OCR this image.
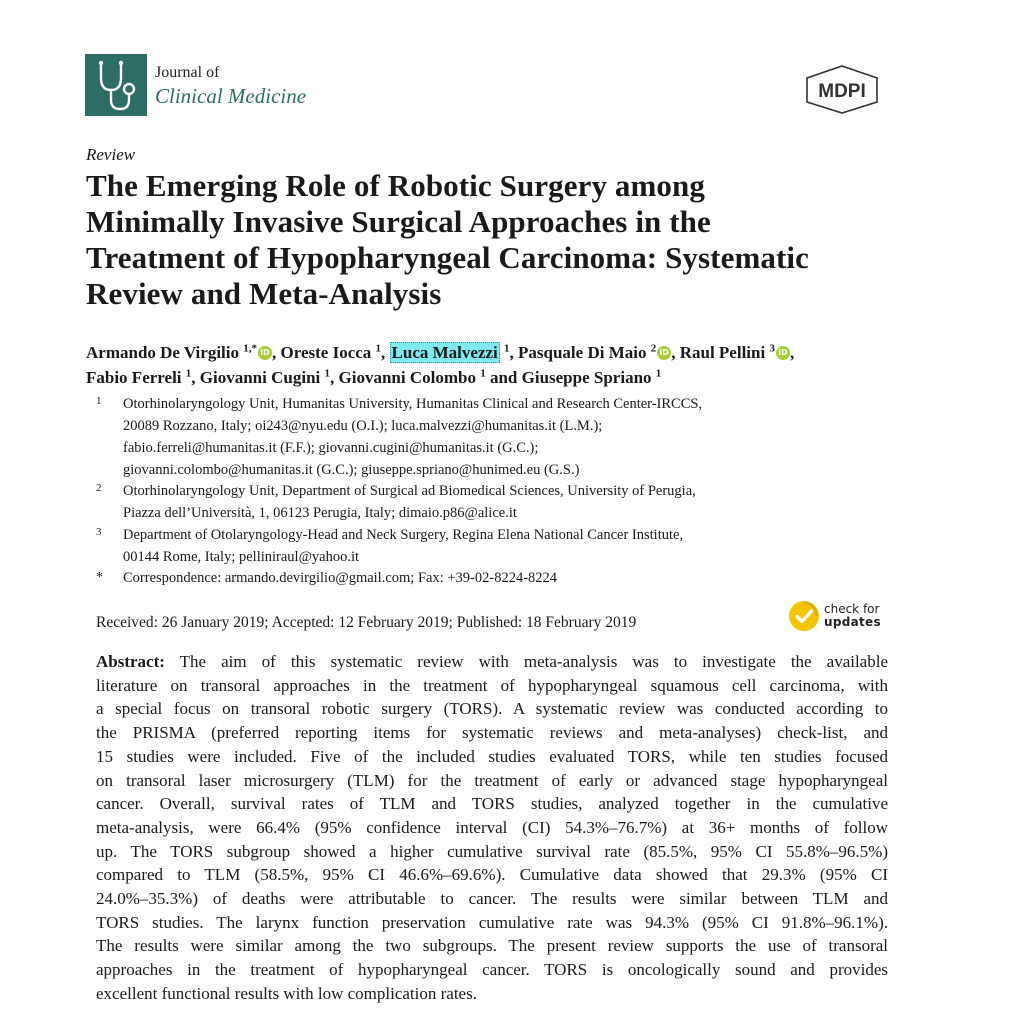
Journal of
Clinical Medicine	MDPI
Review
The Emerging Role of Robotic Surgery among
Minimally Invasive Surgical Approaches in the
Treatment of Hypopharyngeal Carcinoma: Systematic
Review and Meta-Analysis
Armando De Virgilio $^{1,*}$ iD , Oreste Iocca $^1$, Luca Malvezzi $^1$, Pasquale Di Maio $^2$ iD , Raul Pellini $^3$ iD ,
Fabio Ferreli $^1$, Giovanni Cugini $^1$, Giovanni Colombo $^1$ and Giuseppe Spriano $^1$
1 Otorhinolaryngology Unit, Humanitas University, Humanitas Clinical and Research Center-IRCCS,
20089 Rozzano, Italy; oi243@nyu.edu (O.I.); luca.malvezzi@humanitas.it (L.M.);
fabio.ferreli@humanitas.it (F.F.); giovanni.cugini@humanitas.it (G.C.);
giovanni.colombo@humanitas.it (G.C.); giuseppe.spriano@hunimed.eu (G.S.)
2 Otorhinolaryngology Unit, Department of Surgical ad Biomedical Sciences, University of Perugia,
Piazza dell’Università, 1, 06123 Perugia, Italy; dimaio.p86@alice.it
3 Department of Otolaryngology-Head and Neck Surgery, Regina Elena National Cancer Institute,
00144 Rome, Italy; pelliniraul@yahoo.it
* Correspondence: armando.devirgilio@gmail.com; Fax: +39-02-8224-8224
Received: 26 January 2019; Accepted: 12 February 2019; Published: 18 February 2019
check for
updates
Abstract: The aim of this systematic review with meta-analysis was to investigate the available
literature on transoral approaches in the treatment of hypopharyngeal squamous cell carcinoma, with
a special focus on transoral robotic surgery (TORS). A systematic review was conducted according to
the PRISMA (preferred reporting items for systematic reviews and meta-analyses) check-list, and
15 studies were included. Five of the included studies evaluated TORS, while ten studies focused
on transoral laser microsurgery (TLM) for the treatment of early or advanced stage hypopharyngeal
cancer. Overall, survival rates of TLM and TORS studies, analyzed together in the cumulative
meta-analysis, were 66.4% (95% confidence interval (CI) 54.3%–76.7%) at 36+ months of follow
up. The TORS subgroup showed a higher cumulative survival rate (85.5%, 95% CI 55.8%–96.5%)
compared to TLM (58.5%, 95% CI 46.6%–69.6%). Cumulative data showed that 29.3% (95% CI
24.0%–35.3%) of deaths were attributable to cancer. The results were similar between TLM and
TORS studies. The larynx function preservation cumulative rate was 94.3% (95% CI 91.8%–96.1%).
The results were similar among the two subgroups. The present review supports the use of transoral
approaches in the treatment of hypopharyngeal cancer. TORS is oncologically sound and provides
excellent functional results with low complication rates.
